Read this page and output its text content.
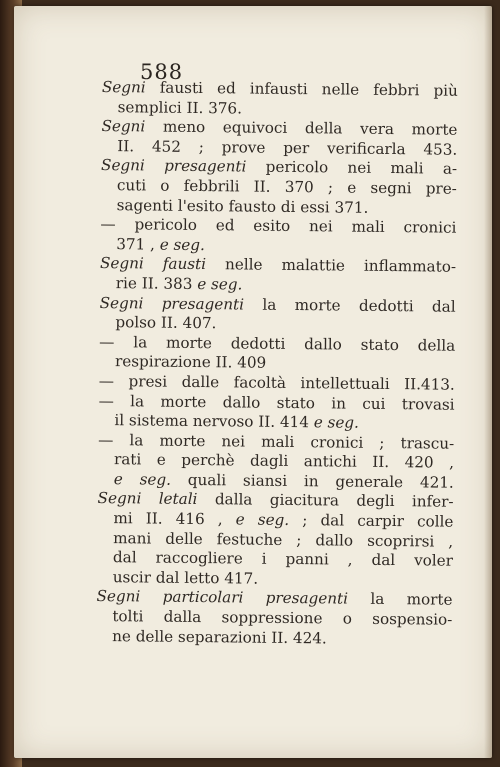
588
Segni fausti ed infausti nelle febbri più
semplici II. 376.
Segni meno equivoci della vera morte
II. 452 ; prove per verificarla 453.
Segni presagenti pericolo nei mali a-
cuti o febbrili II. 370 ; e segni pre-
sagenti l'esito fausto di essi 371.
— pericolo ed esito nei mali cronici
371 , e seg.
Segni fausti nelle malattie inflammato-
rie II. 383 e seg.
Segni presagenti la morte dedotti dal
polso II. 407.
— la morte dedotti dallo stato della
respirazione II. 409
— presi dalle facoltà intellettuali II.413.
— la morte dallo stato in cui trovasi
il sistema nervoso II. 414 e seg.
— la morte nei mali cronici ; trascu-
rati e perchè dagli antichi II. 420 ,
e seg. quali siansi in generale 421.
Segni letali dalla giacitura degli infer-
mi II. 416 , e seg. ; dal carpir colle
mani delle festuche ; dallo scoprirsi ,
dal raccogliere i panni , dal voler
uscir dal letto 417.
Segni particolari presagenti la morte
tolti dalla soppressione o sospensio-
ne delle separazioni II. 424.
